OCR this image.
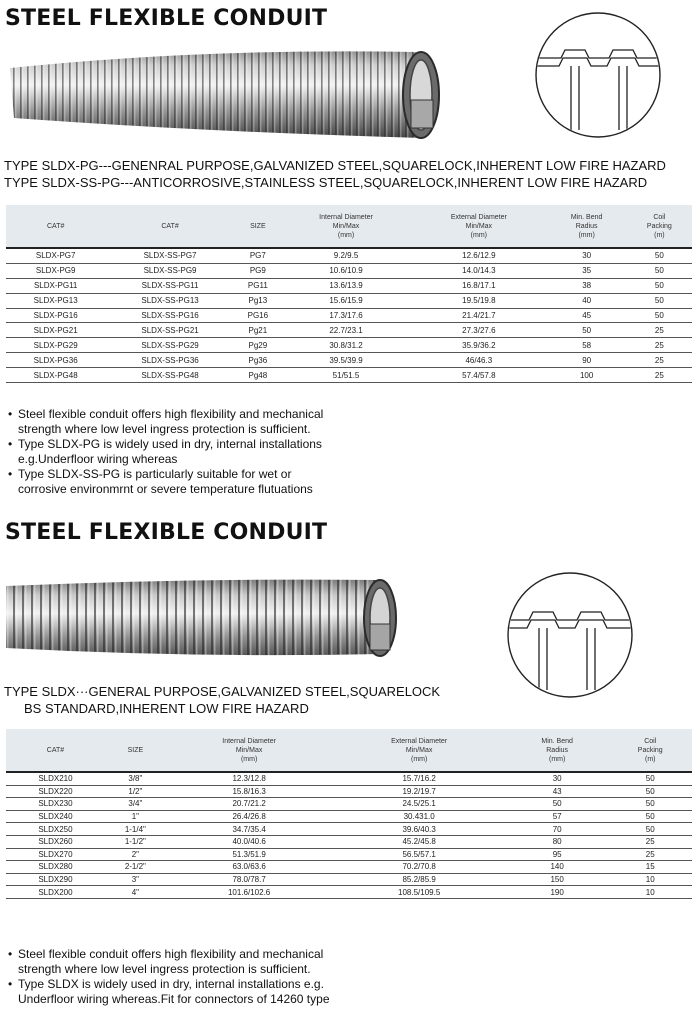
STEEL FLEXIBLE CONDUIT
TYPE SLDX-PG---GENENRAL PURPOSE,GALVANIZED STEEL,SQUARELOCK,INHERENT LOW FIRE HAZARD
TYPE SLDX-SS-PG---ANTICORROSIVE,STAINLESS STEEL,SQUARELOCK,INHERENT LOW FIRE HAZARD
CAT#	CAT#	SIZE	Internal Diameter
Min/Max
(mm)	External Diameter
Min/Max
(mm)	Min. Bend
Radius
(mm)	Coil
Packing
(m)
SLDX-PG7	SLDX-SS-PG7	PG7	9.2/9.5	12.6/12.9	30	50
SLDX-PG9	SLDX-SS-PG9	PG9	10.6/10.9	14.0/14.3	35	50
SLDX-PG11	SLDX-SS-PG11	PG11	13.6/13.9	16.8/17.1	38	50
SLDX-PG13	SLDX-SS-PG13	Pg13	15.6/15.9	19.5/19.8	40	50
SLDX-PG16	SLDX-SS-PG16	PG16	17.3/17.6	21.4/21.7	45	50
SLDX-PG21	SLDX-SS-PG21	Pg21	22.7/23.1	27.3/27.6	50	25
SLDX-PG29	SLDX-SS-PG29	Pg29	30.8/31.2	35.9/36.2	58	25
SLDX-PG36	SLDX-SS-PG36	Pg36	39.5/39.9	46/46.3	90	25
SLDX-PG48	SLDX-SS-PG48	Pg48	51/51.5	57.4/57.8	100	25
• Steel flexible conduit offers high flexibility and mechanical strength where low level ingress protection is sufficient.
• Type SLDX-PG is widely used in dry, internal installations e.g.Underfloor wiring whereas
• Type SLDX-SS-PG is particularly suitable for wet or corrosive environmrnt or severe temperature flutuations
STEEL FLEXIBLE CONDUIT
TYPE SLDX···GENERAL PURPOSE,GALVANIZED STEEL,SQUARELOCK
BS STANDARD,INHERENT LOW FIRE HAZARD
CAT#	SIZE	Internal Diameter
Min/Max
(mm)	External Diameter
Min/Max
(mm)	Min. Bend
Radius
(mm)	Coil
Packing
(m)
SLDX210	3/8"	12.3/12.8	15.7/16.2	30	50
SLDX220	1/2"	15.8/16.3	19.2/19.7	43	50
SLDX230	3/4"	20.7/21.2	24.5/25.1	50	50
SLDX240	1"	26.4/26.8	30.431.0	57	50
SLDX250	1-1/4"	34.7/35.4	39.6/40.3	70	50
SLDX260	1-1/2"	40.0/40.6	45.2/45.8	80	25
SLDX270	2"	51.3/51.9	56.5/57.1	95	25
SLDX280	2-1/2"	63.0/63.6	70.2/70.8	140	15
SLDX290	3"	78.0/78.7	85.2/85.9	150	10
SLDX200	4"	101.6/102.6	108.5/109.5	190	10
• Steel flexible conduit offers high flexibility and mechanical strength where low level ingress protection is sufficient.
• Type SLDX is widely used in dry, internal installations e.g. Underfloor wiring whereas.Fit for connectors of 14260 type
